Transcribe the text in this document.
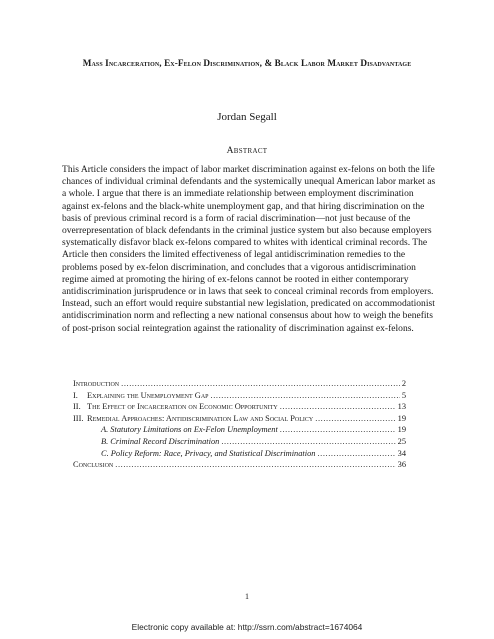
Mass Incarceration, Ex-Felon Discrimination, & Black Labor Market Disadvantage
Jordan Segall
Abstract

This Article considers the impact of labor market discrimination against ex-felons on both the life chances of individual criminal defendants and the systemically unequal American labor market as a whole. I argue that there is an immediate relationship between employment discrimination against ex-felons and the black-white unemployment gap, and that hiring discrimination on the basis of previous criminal record is a form of racial discrimination—not just because of the overrepresentation of black defendants in the criminal justice system but also because employers systematically disfavor black ex-felons compared to whites with identical criminal records. The Article then considers the limited effectiveness of legal antidiscrimination remedies to the problems posed by ex-felon discrimination, and concludes that a vigorous antidiscrimination regime aimed at promoting the hiring of ex-felons cannot be rooted in either contemporary antidiscrimination jurisprudence or in laws that seek to conceal criminal records from employers. Instead, such an effort would require substantial new legislation, predicated on accommodationist antidiscrimination norm and reflecting a new national consensus about how to weigh the benefits of post-prison social reintegration against the rationality of discrimination against ex-felons.

Introduction .....	2
I.	Explaining the Unemployment Gap .....	5
II. The Effect of Incarceration on Economic Opportunity .....	13
III. Remedial Approaches: Antidiscrimination Law and Social Policy .....	19
A. Statutory Limitations on Ex-Felon Unemployment .....	19
B. Criminal Record Discrimination .....	25
C. Policy Reform: Race, Privacy, and Statistical Discrimination .....	34
Conclusion .....	36
1
Electronic copy available at: http://ssrn.com/abstract=1674064
